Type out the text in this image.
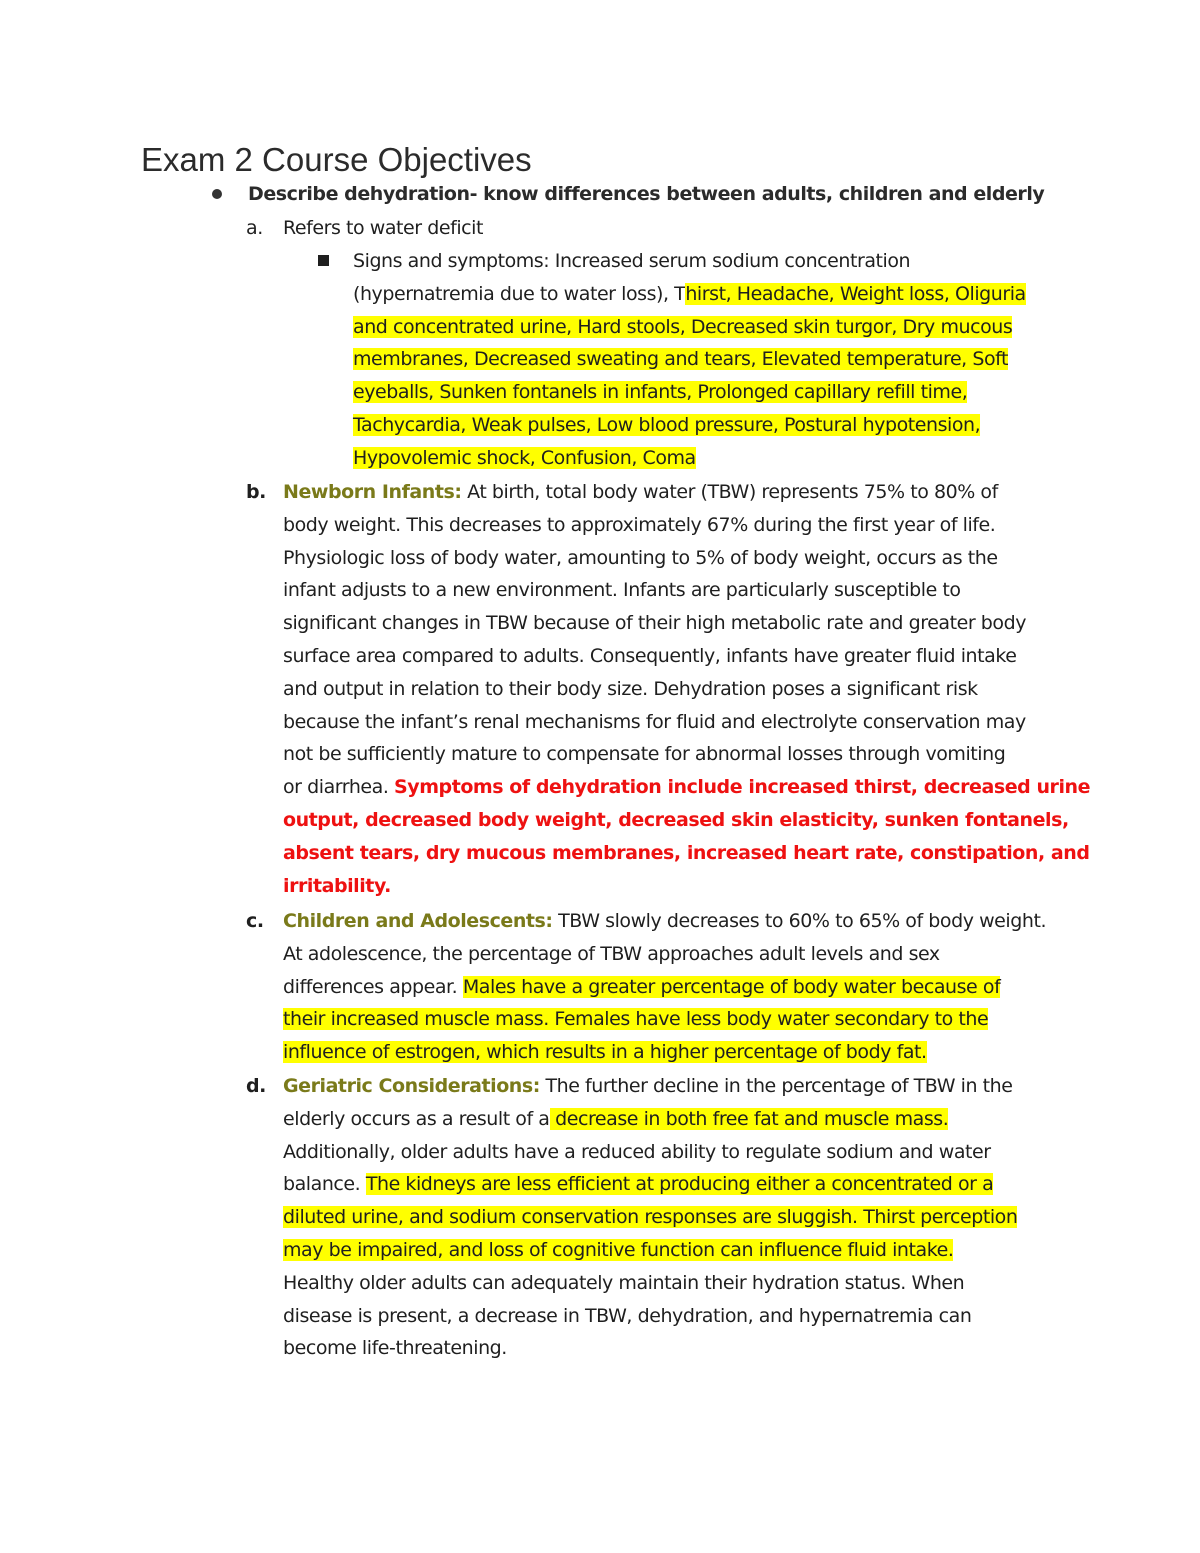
Exam 2 Course Objectives
Describe dehydration- know differences between adults, children and elderly
a. Refers to water deficit
Signs and symptoms: Increased serum sodium concentration
(hypernatremia due to water loss), Thirst, Headache, Weight loss, Oliguria
and concentrated urine, Hard stools, Decreased skin turgor, Dry mucous
membranes, Decreased sweating and tears, Elevated temperature, Soft
eyeballs, Sunken fontanels in infants, Prolonged capillary refill time,
Tachycardia, Weak pulses, Low blood pressure, Postural hypotension,
Hypovolemic shock, Confusion, Coma
b. Newborn Infants: At birth, total body water (TBW) represents 75% to 80% of
body weight. This decreases to approximately 67% during the first year of life.
Physiologic loss of body water, amounting to 5% of body weight, occurs as the
infant adjusts to a new environment. Infants are particularly susceptible to
significant changes in TBW because of their high metabolic rate and greater body
surface area compared to adults. Consequently, infants have greater fluid intake
and output in relation to their body size. Dehydration poses a significant risk
because the infant’s renal mechanisms for fluid and electrolyte conservation may
not be sufficiently mature to compensate for abnormal losses through vomiting
or diarrhea. Symptoms of dehydration include increased thirst, decreased urine
output, decreased body weight, decreased skin elasticity, sunken fontanels,
absent tears, dry mucous membranes, increased heart rate, constipation, and
irritability.
c. Children and Adolescents: TBW slowly decreases to 60% to 65% of body weight.
At adolescence, the percentage of TBW approaches adult levels and sex
differences appear. Males have a greater percentage of body water because of
their increased muscle mass. Females have less body water secondary to the
influence of estrogen, which results in a higher percentage of body fat.
d. Geriatric Considerations: The further decline in the percentage of TBW in the
elderly occurs as a result of a decrease in both free fat and muscle mass.
Additionally, older adults have a reduced ability to regulate sodium and water
balance. The kidneys are less efficient at producing either a concentrated or a
diluted urine, and sodium conservation responses are sluggish. Thirst perception
may be impaired, and loss of cognitive function can influence fluid intake.
Healthy older adults can adequately maintain their hydration status. When
disease is present, a decrease in TBW, dehydration, and hypernatremia can
become life-threatening.
